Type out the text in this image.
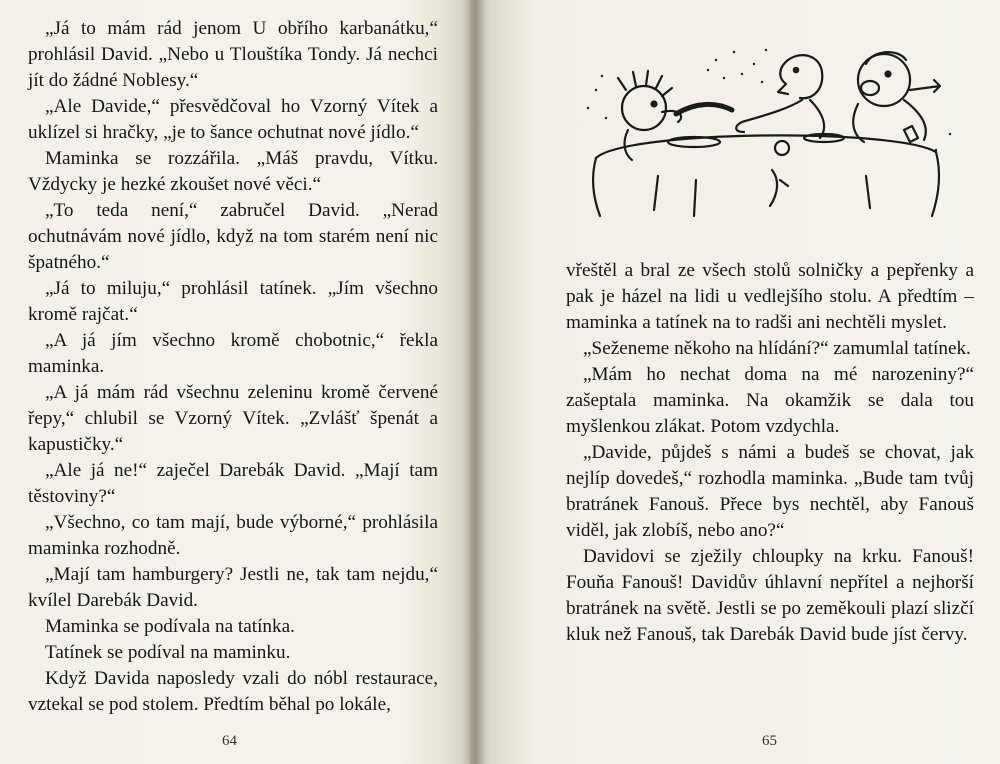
„Já to mám rád jenom U obřího karbanátku,“ prohlásil David. „Nebo u Tlouštíka Tondy. Já nechci jít do žádné Noblesy.“

„Ale Davide,“ přesvědčoval ho Vzorný Vítek a uklízel si hračky, „je to šance ochutnat nové jídlo.“

Maminka se rozzářila. „Máš pravdu, Vítku. Vždycky je hezké zkoušet nové věci.“

„To teda není,“ zabručel David. „Nerad ochutnávám nové jídlo, když na tom starém není nic špatného.“

„Já to miluju,“ prohlásil tatínek. „Jím všechno kromě rajčat.“

„A já jím všechno kromě chobotnic,“ řekla maminka.

„A já mám rád všechnu zeleninu kromě červené řepy,“ chlubil se Vzorný Vítek. „Zvlášť špenát a kapustičky.“

„Ale já ne!“ zaječel Darebák David. „Mají tam těstoviny?“

„Všechno, co tam mají, bude výborné,“ prohlásila maminka rozhodně.

„Mají tam hamburgery? Jestli ne, tak tam nejdu,“ kvílel Darebák David.

Maminka se podívala na tatínka.

Tatínek se podíval na maminku.

Když Davida naposledy vzali do nóbl restaurace, vztekal se pod stolem. Předtím běhal po lokále,

64

vřeštěl a bral ze všech stolů solničky a pepřenky a pak je házel na lidi u vedlejšího stolu. A předtím – maminka a tatínek na to radši ani nechtěli myslet.

„Seženeme někoho na hlídání?“ zamumlal tatínek.

„Mám ho nechat doma na mé narozeniny?“ zašeptala maminka. Na okamžik se dala tou myšlenkou zlákat. Potom vzdychla.

„Davide, půjdeš s námi a budeš se chovat, jak nejlíp dovedeš,“ rozhodla maminka. „Bude tam tvůj bratránek Fanouš. Přece bys nechtěl, aby Fanouš viděl, jak zlobíš, nebo ano?“

Davidovi se zježily chloupky na krku. Fanouš! Fouňa Fanouš! Davidův úhlavní nepřítel a nejhorší bratránek na světě. Jestli se po zeměkouli plazí slizčí kluk než Fanouš, tak Darebák David bude jíst červy.

65
